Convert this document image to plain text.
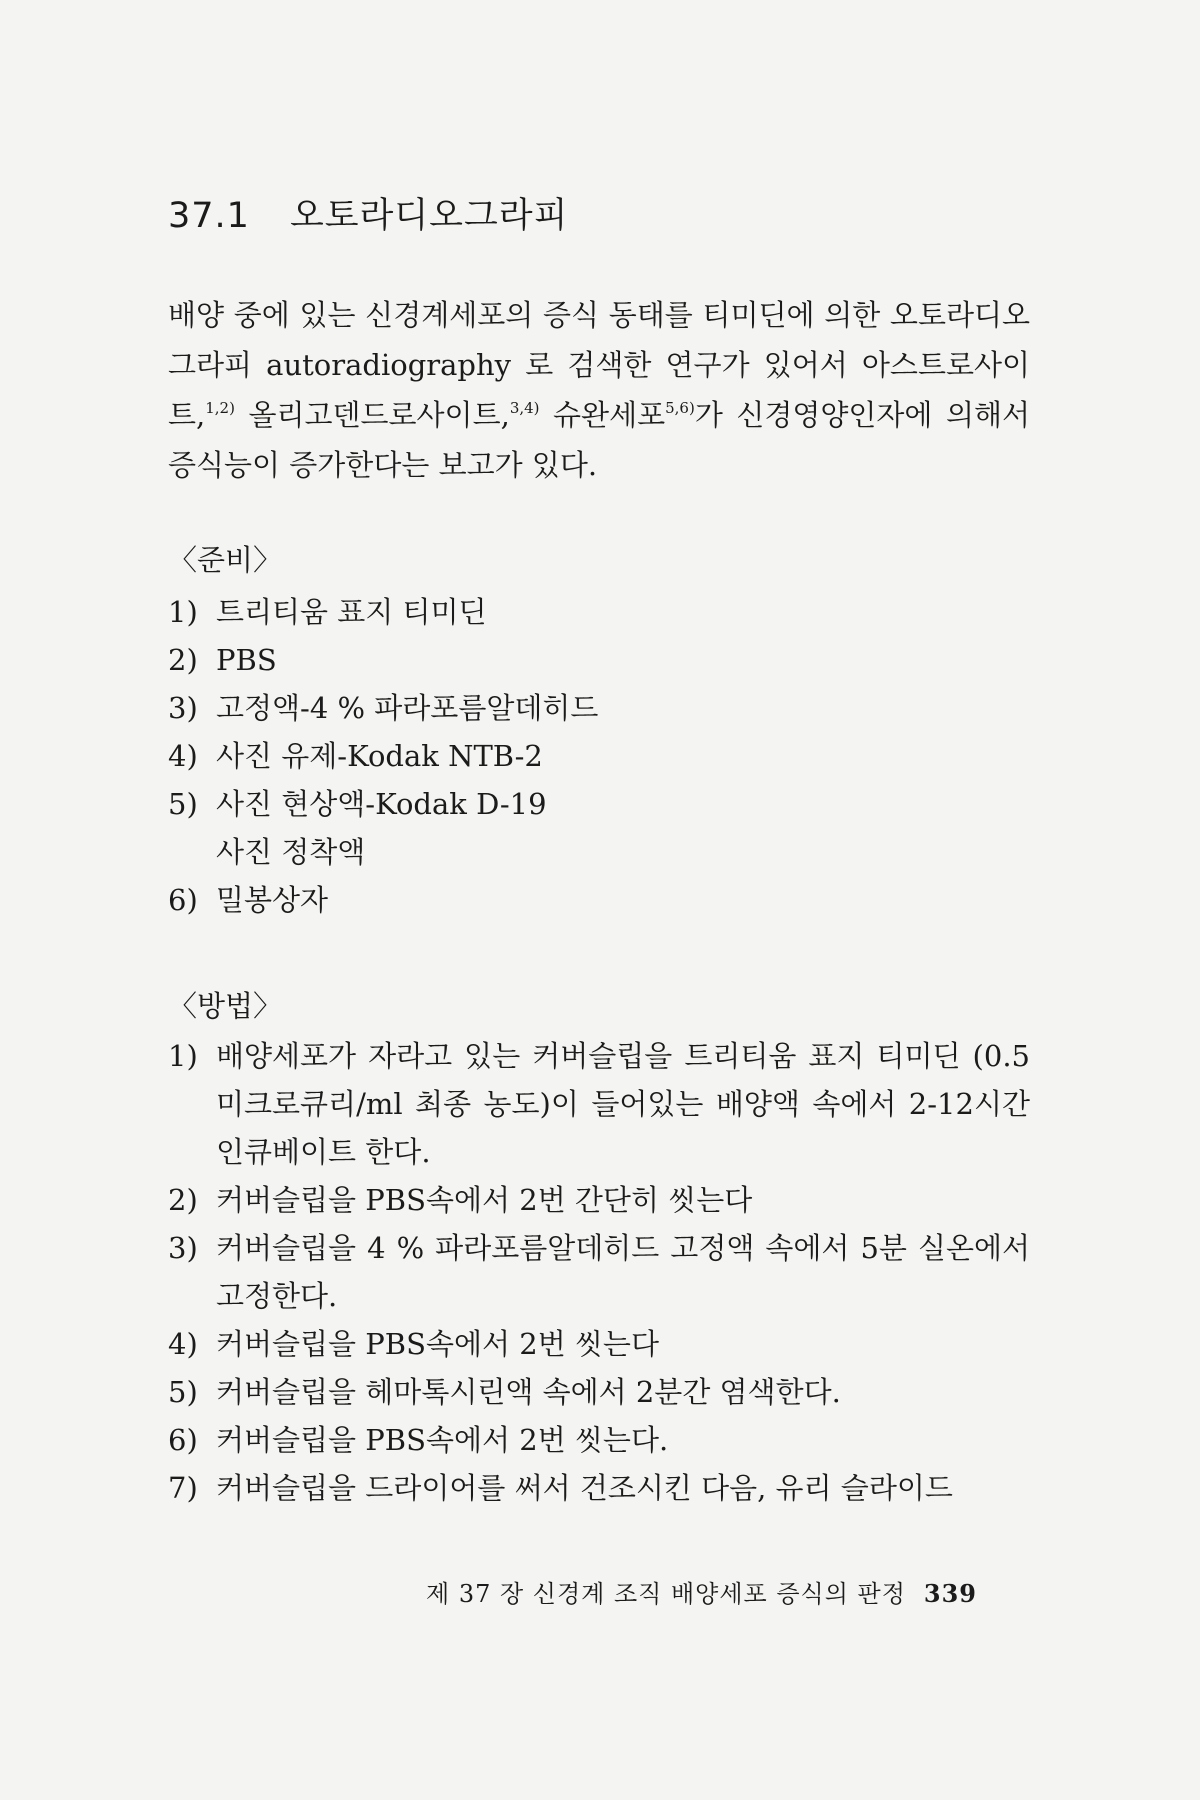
37.1 오토라디오그라피

배양 중에 있는 신경계세포의 증식 동태를 티미딘에 의한 오토라디오그라피 autoradiography 로 검색한 연구가 있어서 아스트로사이트,$^{1,2)}$ 올리고덴드로사이트,$^{3,4)}$ 슈완세포$^{5,6)}$가 신경영양인자에 의해서 증식능이 증가한다는 보고가 있다.

〈준비〉

1) 트리티움 표지 티미딘
2) PBS
3) 고정액-4 % 파라포름알데히드
4) 사진 유제-Kodak NTB-2
5) 사진 현상액-Kodak D-19
사진 정착액
6) 밀봉상자

〈방법〉

1) 배양세포가 자라고 있는 커버슬립을 트리티움 표지 티미딘 (0.5 미크로큐리/ml 최종 농도)이 들어있는 배양액 속에서 2-12시간 인큐베이트 한다.
2) 커버슬립을 PBS속에서 2번 간단히 씻는다
3) 커버슬립을 4 % 파라포름알데히드 고정액 속에서 5분 실온에서 고정한다.
4) 커버슬립을 PBS속에서 2번 씻는다
5) 커버슬립을 헤마톡시린액 속에서 2분간 염색한다.
6) 커버슬립을 PBS속에서 2번 씻는다.
7) 커버슬립을 드라이어를 써서 건조시킨 다음, 유리 슬라이드
제 37 장 신경계 조직 배양세포 증식의 판정 339
